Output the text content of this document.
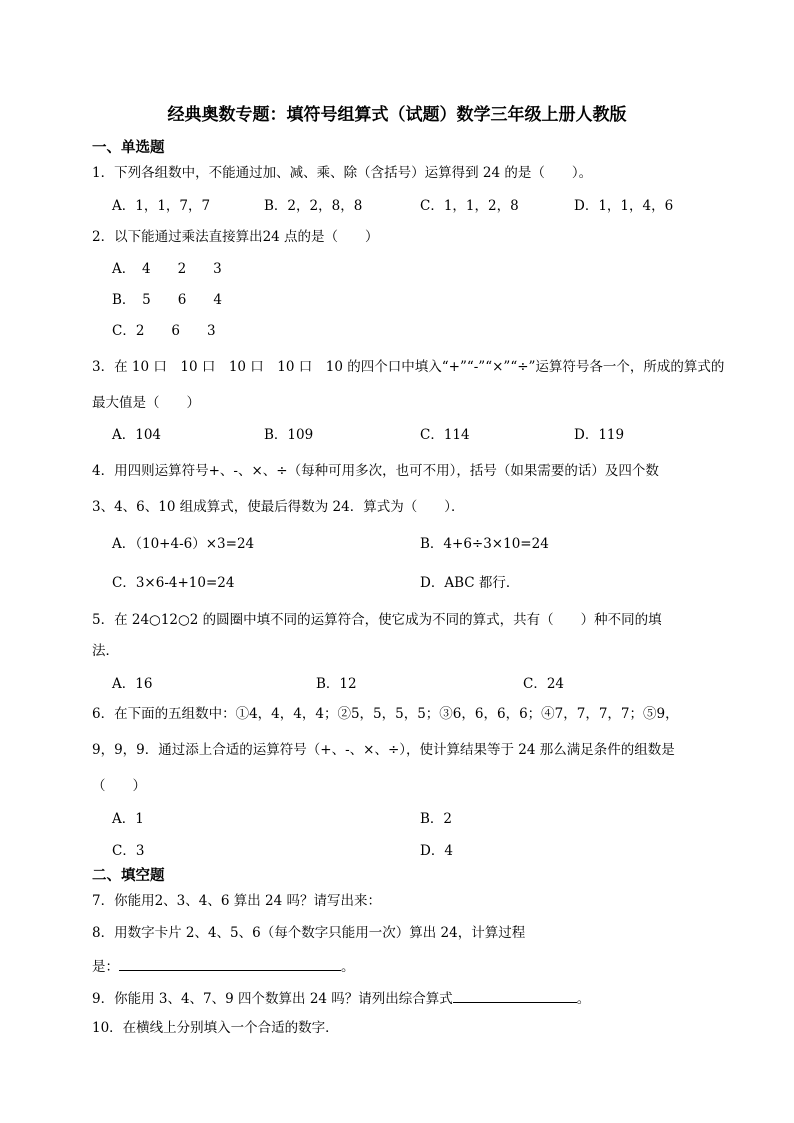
经典奥数专题：填符号组算式（试题）数学三年级上册人教版
一、单选题
1．下列各组数中，不能通过加、减、乘、除（含括号）运算得到 24 的是（　　）。
A．1，1，7，7	B．2，2，8，8	C．1，1，2，8	D．1，1，4，6
2．以下能通过乘法直接算出24 点的是（　　）
A．　4　　2　　3
B．　5　　6　　4
C．2　　6　　3
3．在 10 口　10 口　10 口　10 口　10 的四个口中填入“+”“-”“×”“÷”运算符号各一个，所成的算式的
最大值是（　　）
A．104	B．109	C．114	D．119
4．用四则运算符号+、-、×、÷（每种可用多次，也可不用），括号（如果需要的话）及四个数
3、4、6、10 组成算式，使最后得数为 24．算式为（　　）．
A．（10+4-6）×3=24	B．4+6÷3×10=24
C．3×6-4+10=24	D．ABC 都行．
5．在 24○12○2 的圆圈中填不同的运算符合，使它成为不同的算式，共有（　　）种不同的填
法．
A．16	B．12	C．24
6．在下面的五组数中：①4，4，4，4；②5，5，5，5；③6，6，6，6；④7，7，7，7；⑤9，
9，9，9．通过添上合适的运算符号（+、-、×、÷），使计算结果等于 24 那么满足条件的组数是
（　　）
A．1	B．2
C．3	D．4
二、填空题
7．你能用2、3、4、6 算出 24 吗？请写出来：
8．用数字卡片 2、4、5、6（每个数字只能用一次）算出 24，计算过程
是：	。
9．你能用 3、4、7、9 四个数算出 24 吗？请列出综合算式	。
10．在横线上分别填入一个合适的数字．
